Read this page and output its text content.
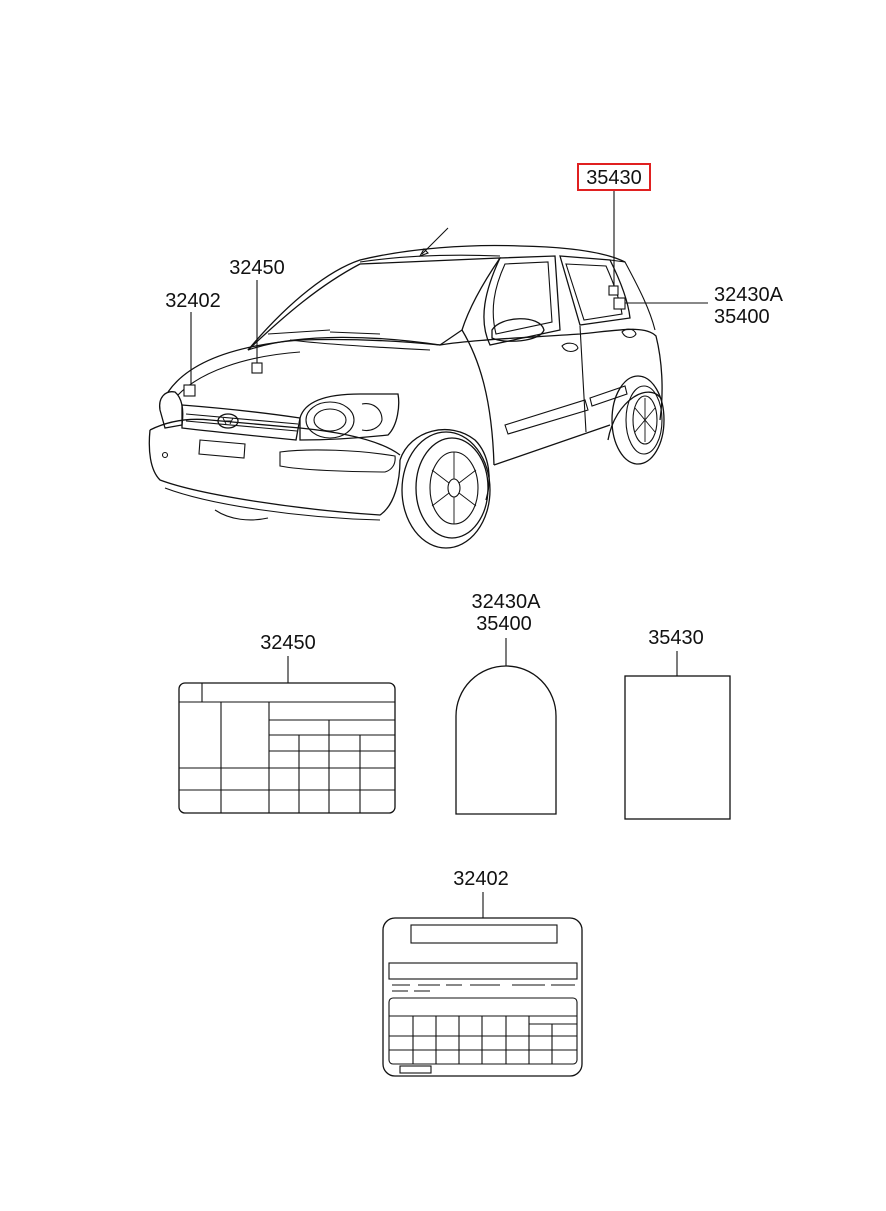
35430
32450
32402	32430A
35400
32450
32430A
35400
35430
32402
